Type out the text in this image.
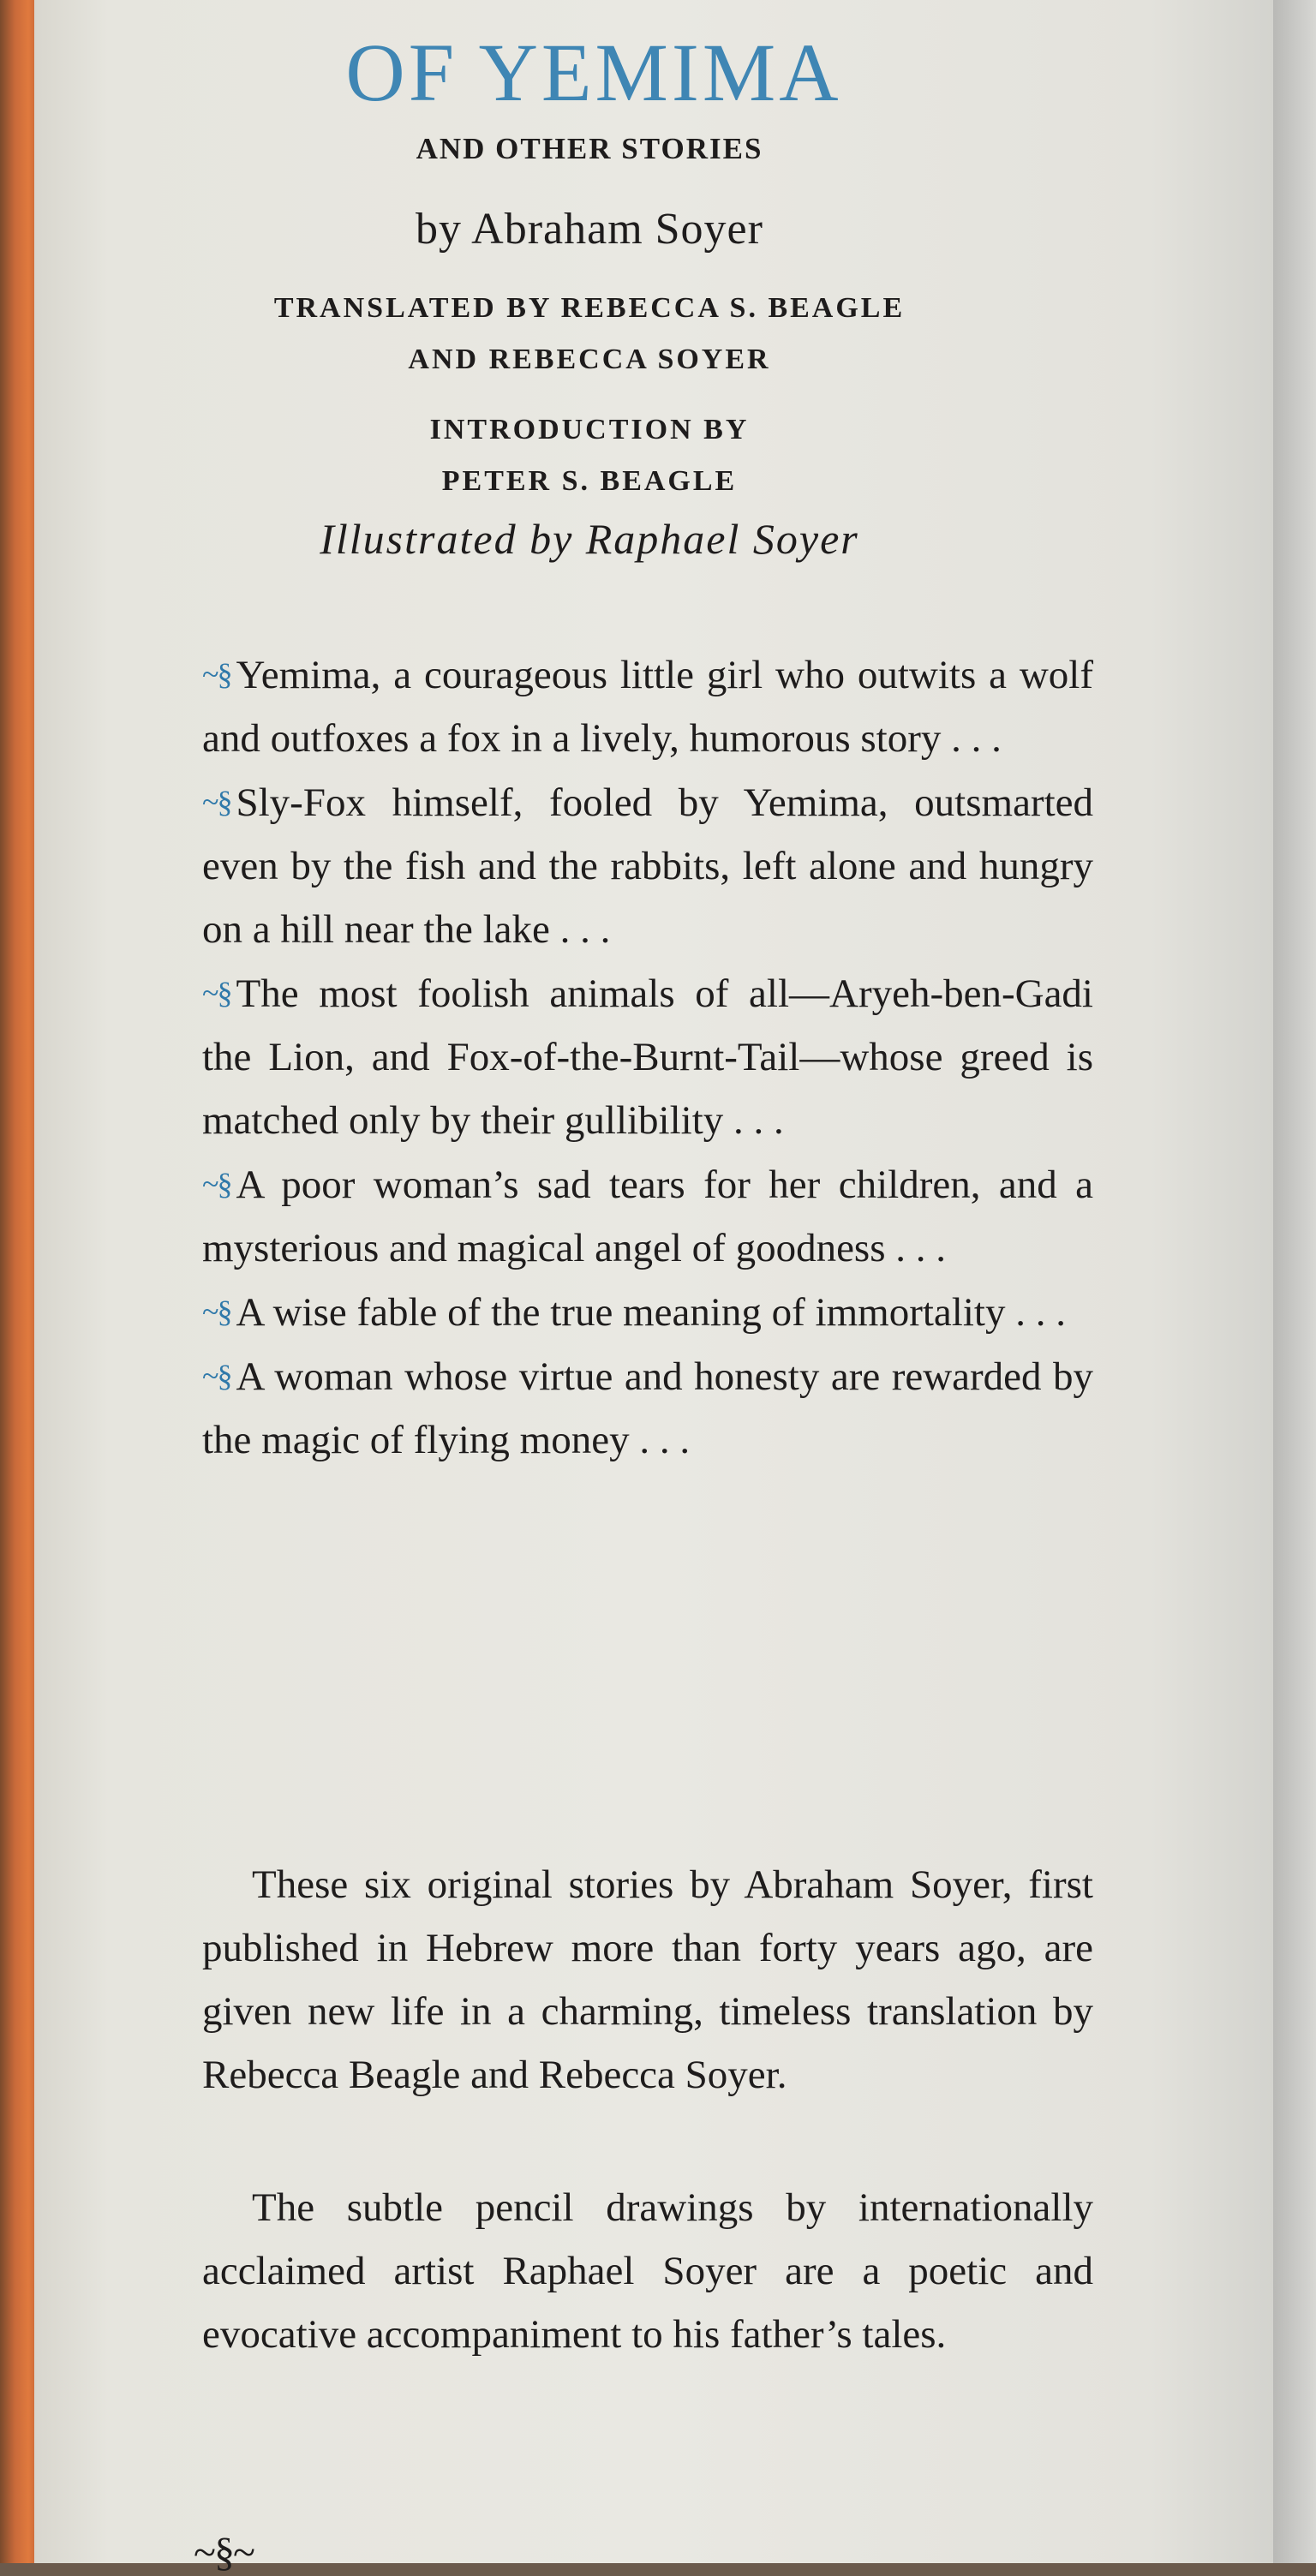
OF YEMIMA

AND OTHER STORIES

by Abraham Soyer

TRANSLATED BY REBECCA S. BEAGLE
AND REBECCA SOYER
INTRODUCTION BY
PETER S. BEAGLE

Illustrated by Raphael Soyer

~§ Yemima, a courageous little girl who outwits a wolf and outfoxes a fox in a lively, humorous story . . .
~§ Sly-Fox himself, fooled by Yemima, outsmarted even by the fish and the rabbits, left alone and hungry on a hill near the lake . . .
~§ The most foolish animals of all—Aryeh-ben-Gadi the Lion, and Fox-of-the-Burnt-Tail—whose greed is matched only by their gullibility . . .
~§ A poor woman’s sad tears for her children, and a mysterious and magical angel of goodness . . .
~§ A wise fable of the true meaning of immortality . . .
~§ A woman whose virtue and honesty are rewarded by the magic of flying money . . .

These six original stories by Abraham Soyer, first published in Hebrew more than forty years ago, are given new life in a charming, timeless translation by Rebecca Beagle and Rebecca Soyer.

The subtle pencil drawings by internationally acclaimed artist Raphael Soyer are a poetic and evocative accompaniment to his father’s tales.

~§~
